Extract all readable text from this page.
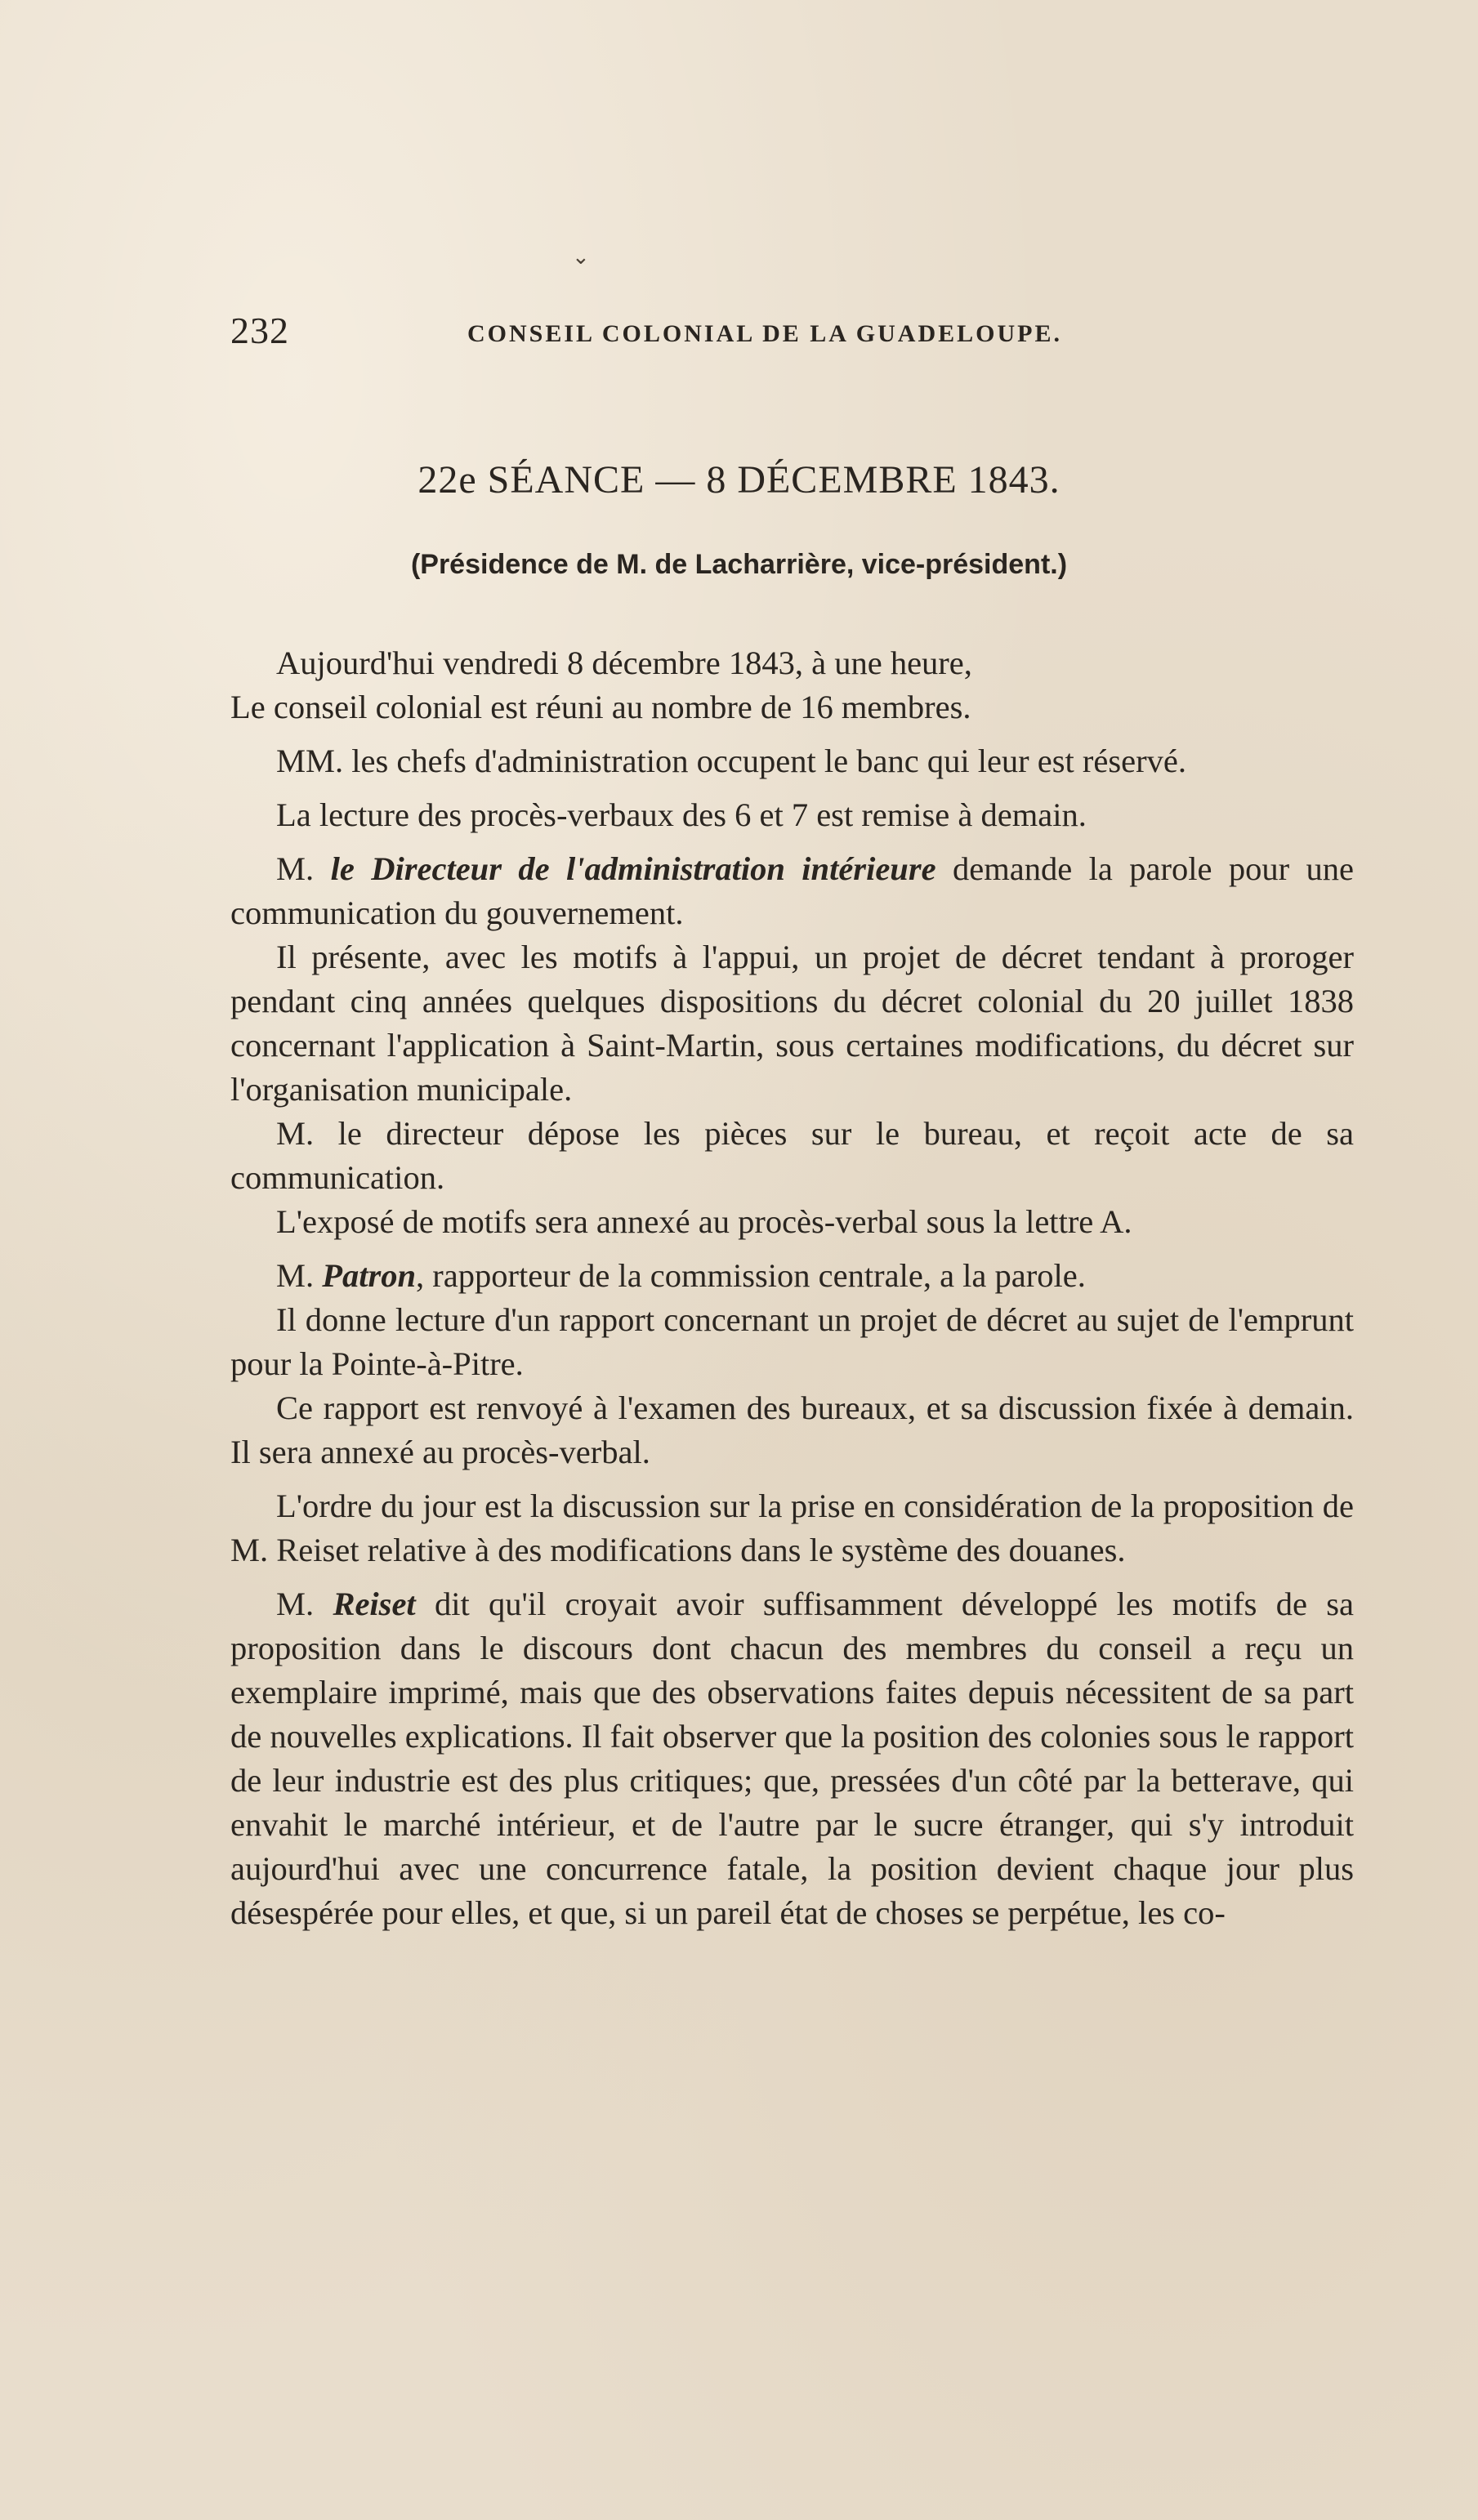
232	CONSEIL COLONIAL DE LA GUADELOUPE.
⌄
22e SÉANCE — 8 DÉCEMBRE 1843.
(Présidence de M. de Lacharrière, vice-président.)

Aujourd'hui vendredi 8 décembre 1843, à une heure,

Le conseil colonial est réuni au nombre de 16 membres.

MM. les chefs d'administration occupent le banc qui leur est réservé.

La lecture des procès-verbaux des 6 et 7 est remise à demain.

M. le Directeur de l'administration intérieure demande la parole pour une communication du gouvernement.

Il présente, avec les motifs à l'appui, un projet de décret tendant à proroger pendant cinq années quelques dispositions du décret colonial du 20 juillet 1838 concernant l'application à Saint-Martin, sous certaines modifications, du décret sur l'organisation municipale.

M. le directeur dépose les pièces sur le bureau, et reçoit acte de sa communication.

L'exposé de motifs sera annexé au procès-verbal sous la lettre A.

M. Patron, rapporteur de la commission centrale, a la parole.

Il donne lecture d'un rapport concernant un projet de décret au sujet de l'emprunt pour la Pointe-à-Pitre.

Ce rapport est renvoyé à l'examen des bureaux, et sa discussion fixée à demain. Il sera annexé au procès-verbal.

L'ordre du jour est la discussion sur la prise en considération de la proposition de M. Reiset relative à des modifications dans le système des douanes.

M. Reiset dit qu'il croyait avoir suffisamment développé les motifs de sa proposition dans le discours dont chacun des membres du conseil a reçu un exemplaire imprimé, mais que des observations faites depuis nécessitent de sa part de nouvelles explications. Il fait observer que la position des colonies sous le rapport de leur industrie est des plus critiques; que, pressées d'un côté par la betterave, qui envahit le marché intérieur, et de l'autre par le sucre étranger, qui s'y introduit aujourd'hui avec une concurrence fatale, la position devient chaque jour plus désespérée pour elles, et que, si un pareil état de choses se perpétue, les co-
